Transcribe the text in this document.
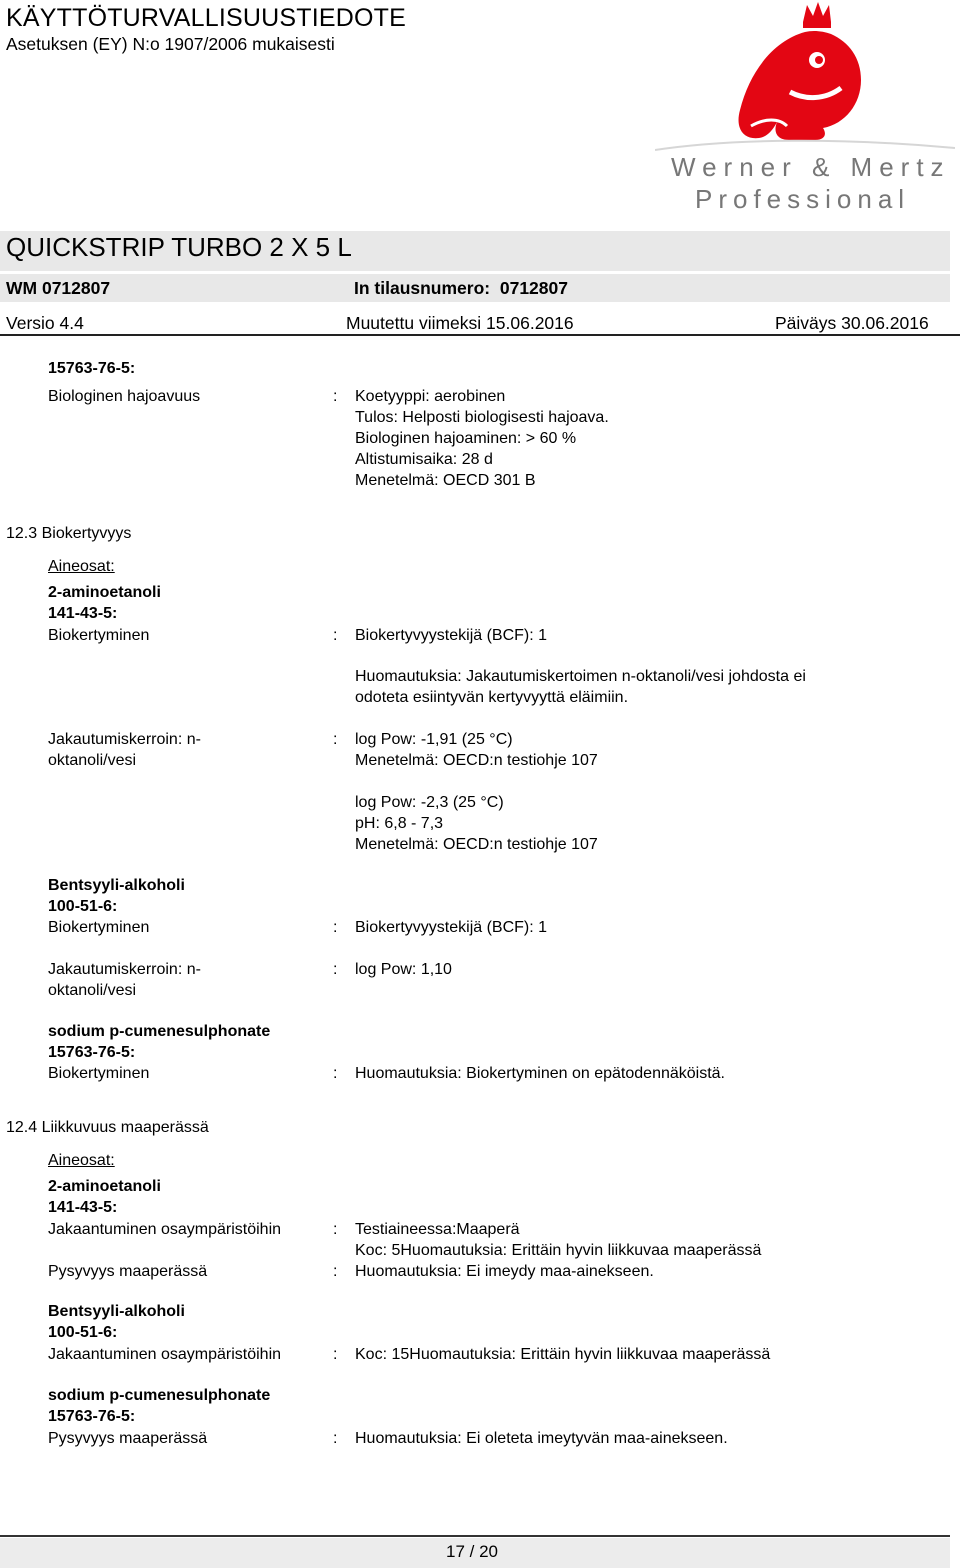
KÄYTTÖTURVALLISUUSTIEDOTE
Asetuksen (EY) N:o 1907/2006 mukaisesti
Werner & Mertz
Professional
QUICKSTRIP TURBO 2 X 5 L
WM 0712807	In tilausnumero: 0712807
Versio 4.4	Muutettu viimeksi 15.06.2016	Päiväys 30.06.2016
15763-76-5:
Biologinen hajoavuus	: Koetyyppi: aerobinen
Tulos: Helposti biologisesti hajoava.
Biologinen hajoaminen: > 60 %
Altistumisaika: 28 d
Menetelmä: OECD 301 B
12.3 Biokertyvyys
Aineosat:
2-aminoetanoli
141-43-5:
Biokertyminen	: Biokertyvyystekijä (BCF): 1
Huomautuksia: Jakautumiskertoimen n-oktanoli/vesi johdosta ei
odoteta esiintyvän kertyvyyttä eläimiin.
Jakautumiskerroin: n-
oktanoli/vesi
: log Pow: -1,91 (25 °C)
Menetelmä: OECD:n testiohje 107
log Pow: -2,3 (25 °C)
pH: 6,8 - 7,3
Menetelmä: OECD:n testiohje 107
Bentsyyli-alkoholi
100-51-6:
Biokertyminen	: Biokertyvyystekijä (BCF): 1
Jakautumiskerroin: n-
oktanoli/vesi
: log Pow: 1,10
sodium p-cumenesulphonate
15763-76-5:
Biokertyminen	: Huomautuksia: Biokertyminen on epätodennäköistä.
12.4 Liikkuvuus maaperässä
Aineosat:
2-aminoetanoli
141-43-5:
Jakaantuminen osaympäristöihin	: Testiaineessa:Maaperä
Koc: 5Huomautuksia: Erittäin hyvin liikkuvaa maaperässä
Pysyvyys maaperässä	: Huomautuksia: Ei imeydy maa-ainekseen.
Bentsyyli-alkoholi
100-51-6:
Jakaantuminen osaympäristöihin	: Koc: 15Huomautuksia: Erittäin hyvin liikkuvaa maaperässä
sodium p-cumenesulphonate
15763-76-5:
Pysyvyys maaperässä	: Huomautuksia: Ei oleteta imeytyvän maa-ainekseen.
17 / 20
